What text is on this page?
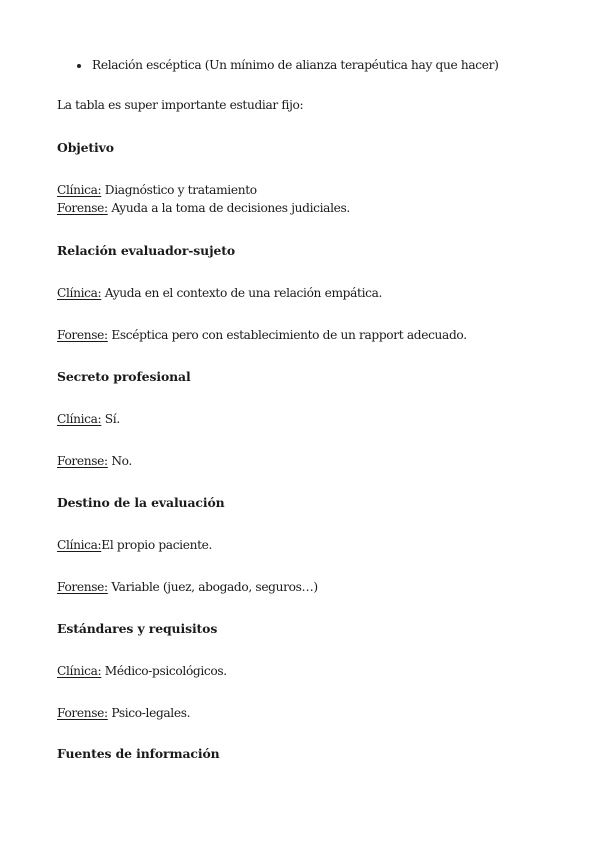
Relación escéptica (Un mínimo de alianza terapéutica hay que hacer)
La tabla es super importante estudiar fijo:
Objetivo
Clínica: Diagnóstico y tratamiento
Forense: Ayuda a la toma de decisiones judiciales.
Relación evaluador-sujeto
Clínica: Ayuda en el contexto de una relación empática.
Forense: Escéptica pero con establecimiento de un rapport adecuado.
Secreto profesional
Clínica: Sí.
Forense: No.
Destino de la evaluación
Clínica:El propio paciente.
Forense: Variable (juez, abogado, seguros…)
Estándares y requisitos
Clínica: Médico-psicológicos.
Forense: Psico-legales.
Fuentes de información
